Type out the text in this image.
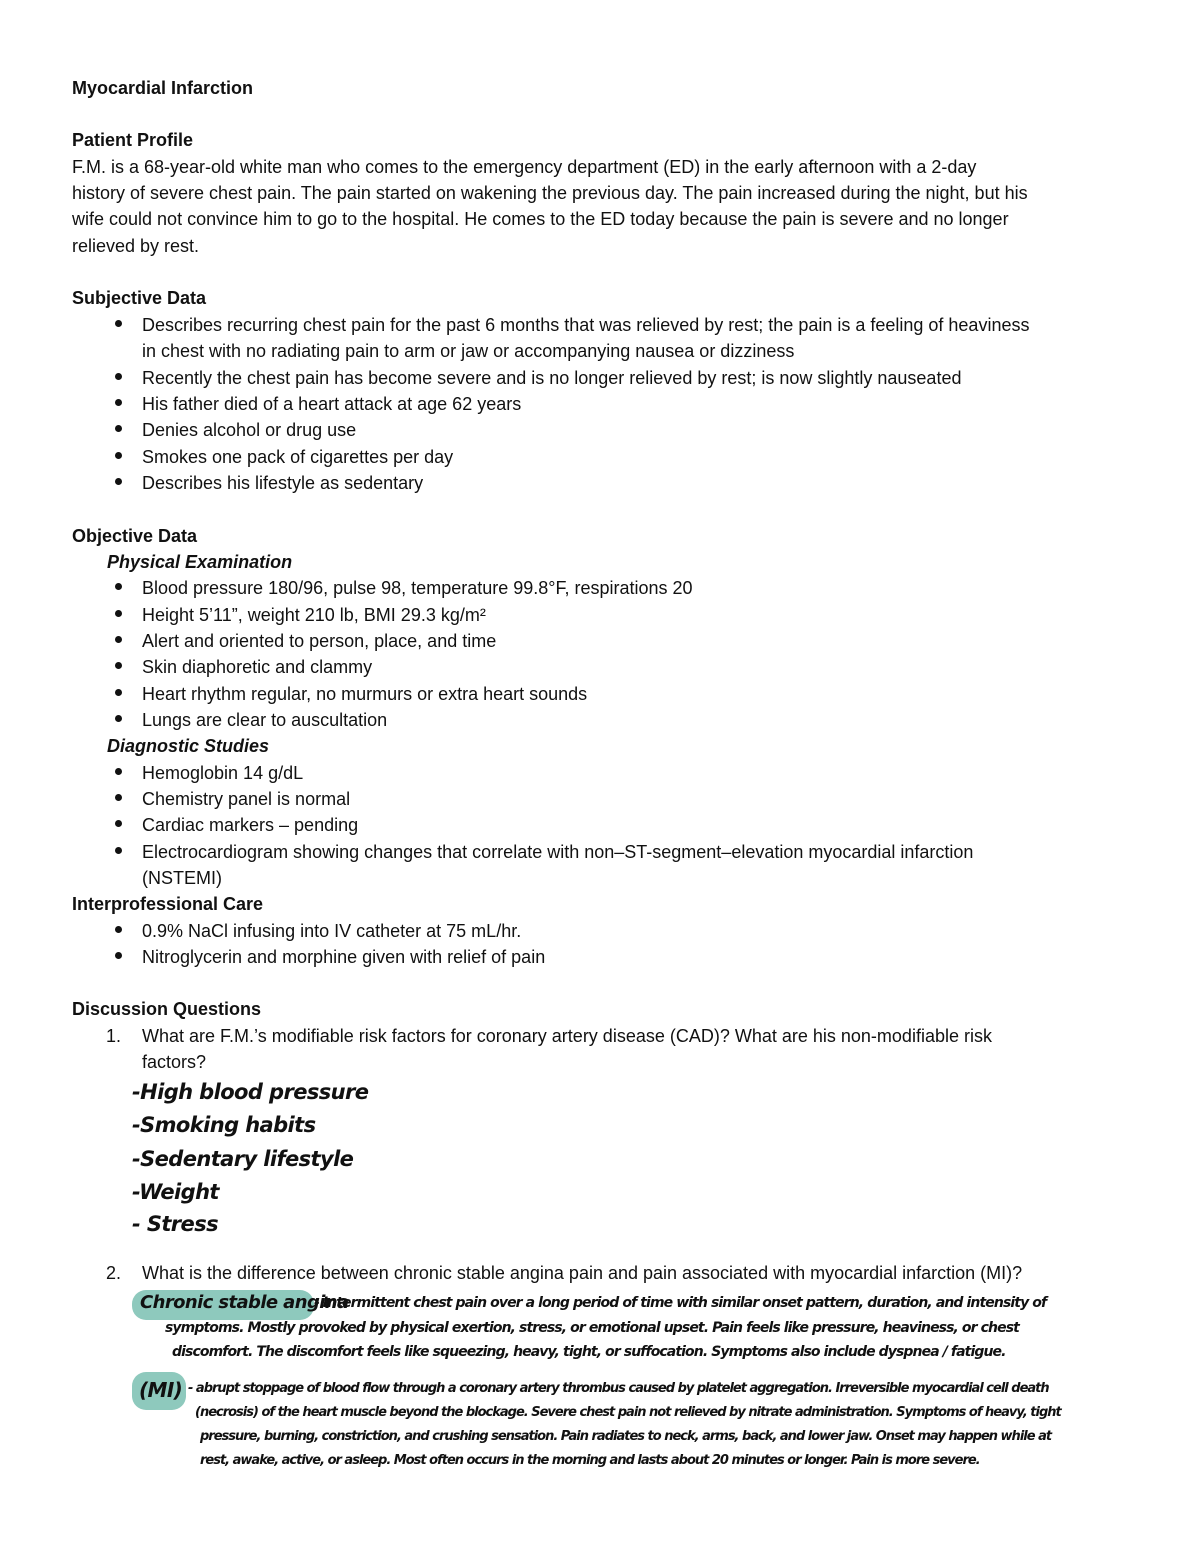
Myocardial Infarction
Patient Profile
F.M. is a 68-year-old white man who comes to the emergency department (ED) in the early afternoon with a 2-day
history of severe chest pain. The pain started on wakening the previous day. The pain increased during the night, but his
wife could not convince him to go to the hospital. He comes to the ED today because the pain is severe and no longer
relieved by rest.
Subjective Data
Describes recurring chest pain for the past 6 months that was relieved by rest; the pain is a feeling of heaviness
in chest with no radiating pain to arm or jaw or accompanying nausea or dizziness
Recently the chest pain has become severe and is no longer relieved by rest; is now slightly nauseated
His father died of a heart attack at age 62 years
Denies alcohol or drug use
Smokes one pack of cigarettes per day
Describes his lifestyle as sedentary
Objective Data
Physical Examination
Blood pressure 180/96, pulse 98, temperature 99.8°F, respirations 20
Height 5’11”, weight 210 lb, BMI 29.3 kg/m²
Alert and oriented to person, place, and time
Skin diaphoretic and clammy
Heart rhythm regular, no murmurs or extra heart sounds
Lungs are clear to auscultation
Diagnostic Studies
Hemoglobin 14 g/dL
Chemistry panel is normal
Cardiac markers – pending
Electrocardiogram showing changes that correlate with non–ST-segment–elevation myocardial infarction
(NSTEMI)
Interprofessional Care
0.9% NaCl infusing into IV catheter at 75 mL/hr.
Nitroglycerin and morphine given with relief of pain
Discussion Questions
1. What are F.M.’s modifiable risk factors for coronary artery disease (CAD)? What are his non-modifiable risk
factors?
-High blood pressure
-Smoking habits
-Sedentary lifestyle
-Weight
- Stress
2. What is the difference between chronic stable angina pain and pain associated with myocardial infarction (MI)?
Chronic stable angina
- Intermittent chest pain over a long period of time with similar onset pattern, duration, and intensity of
symptoms. Mostly provoked by physical exertion, stress, or emotional upset. Pain feels like pressure, heaviness, or chest
discomfort. The discomfort feels like squeezing, heavy, tight, or suffocation. Symptoms also include dyspnea / fatigue.
(MI) - abrupt stoppage of blood flow through a coronary artery thrombus caused by platelet aggregation. Irreversible myocardial cell death
(necrosis) of the heart muscle beyond the blockage. Severe chest pain not relieved by nitrate administration. Symptoms of heavy, tight
pressure, burning, constriction, and crushing sensation. Pain radiates to neck, arms, back, and lower jaw. Onset may happen while at
rest, awake, active, or asleep. Most often occurs in the morning and lasts about 20 minutes or longer. Pain is more severe.
